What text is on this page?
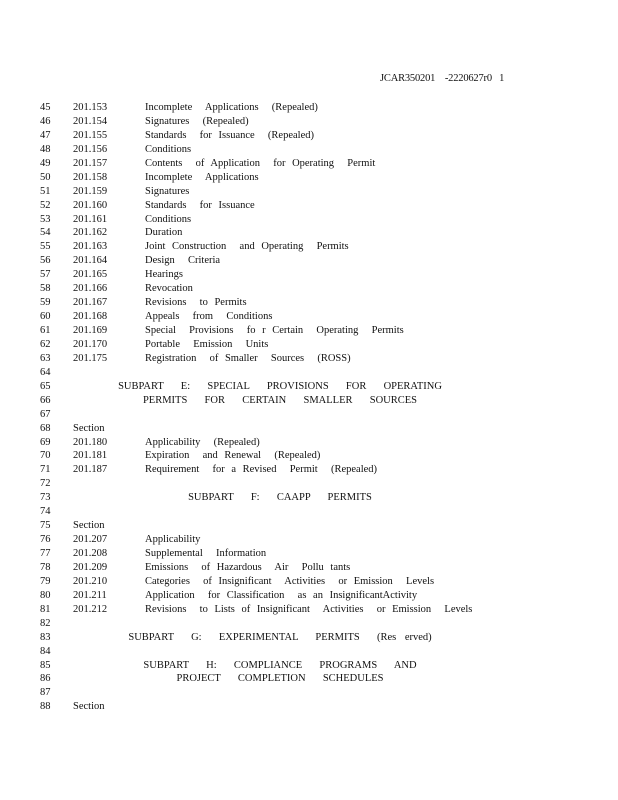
JCAR350201    -2220627r0   1
45 201.153	Incomplete  Applications  (Repealed)
46 201.154	Signatures  (Repealed)
47 201.155	Standards  for Issuance  (Repealed)
48 201.156	Conditions
49 201.157	Contents  of Application  for Operating  Permit
50 201.158	Incomplete  Applications
51 201.159	Signatures
52 201.160	Standards  for Issuance
53 201.161	Conditions
54 201.162	Duration
55 201.163	Joint Construction  and Operating  Permits
56 201.164	Design  Criteria
57 201.165	Hearings
58 201.166	Revocation
59 201.167	Revisions  to Permits
60 201.168	Appeals  from  Conditions
61 201.169	Special  Provisions  fo r Certain  Operating  Permits
62 201.170	Portable  Emission  Units
63 201.175	Registration  of Smaller  Sources  (ROSS)
64
65	SUBPART  E:  SPECIAL  PROVISIONS  FOR  OPERATING
66	PERMITS  FOR  CERTAIN  SMALLER  SOURCES
67
68 Section
69 201.180	Applicability  (Repealed)
70 201.181	Expiration  and Renewal  (Repealed)
71 201.187	Requirement  for a Revised  Permit  (Repealed)
72
73	SUBPART  F:  CAAPP  PERMITS
74
75 Section
76 201.207	Applicability
77 201.208	Supplemental  Information
78 201.209	Emissions  of Hazardous  Air  Pollu tants
79 201.210	Categories  of Insignificant  Activities  or Emission  Levels
80 201.211	Application  for Classification  as an InsignificantActivity
81 201.212	Revisions  to Lists of Insignificant  Activities  or Emission  Levels
82
83	SUBPART  G:  EXPERIMENTAL  PERMITS  (Res erved)
84
85	SUBPART  H:  COMPLIANCE  PROGRAMS  AND
86	PROJECT  COMPLETION  SCHEDULES
87
88 Section
